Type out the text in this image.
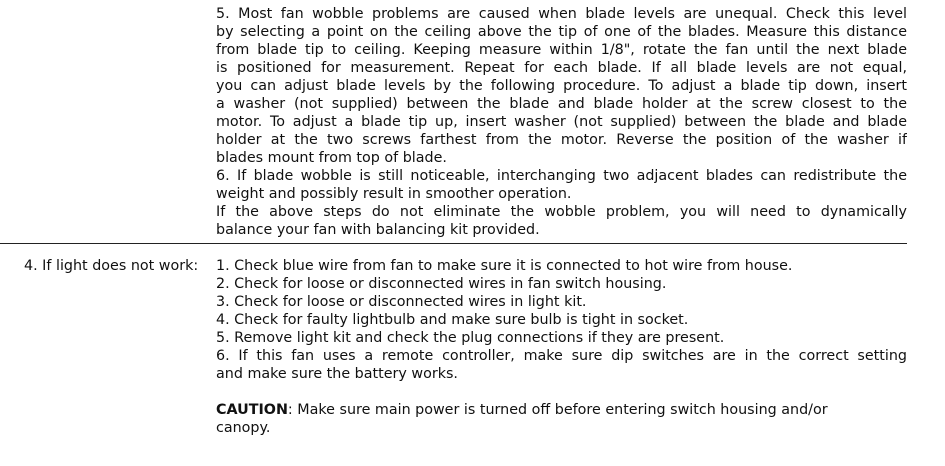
5. Most fan wobble problems are caused when blade levels are unequal. Check this level
by selecting a point on the ceiling above the tip of one of the blades. Measure this distance
from blade tip to ceiling. Keeping measure within 1/8", rotate the fan until the next blade
is positioned for measurement. Repeat for each blade. If all blade levels are not equal,
you can adjust blade levels by the following procedure. To adjust a blade tip down, insert
a washer (not supplied) between the blade and blade holder at the screw closest to the
motor. To adjust a blade tip up, insert washer (not supplied) between the blade and blade
holder at the two screws farthest from the motor. Reverse the position of the washer if
blades mount from top of blade.
6. If blade wobble is still noticeable, interchanging two adjacent blades can redistribute the
weight and possibly result in smoother operation.
If the above steps do not eliminate the wobble problem, you will need to dynamically
balance your fan with balancing kit provided.
4. If light does not work: 1. Check blue wire from fan to make sure it is connected to hot wire from house.
2. Check for loose or disconnected wires in fan switch housing.
3. Check for loose or disconnected wires in light kit.
4. Check for faulty lightbulb and make sure bulb is tight in socket.
5. Remove light kit and check the plug connections if they are present.
6. If this fan uses a remote controller, make sure dip switches are in the correct setting
and make sure the battery works.
CAUTION: Make sure main power is turned off before entering switch housing and/or
canopy.
